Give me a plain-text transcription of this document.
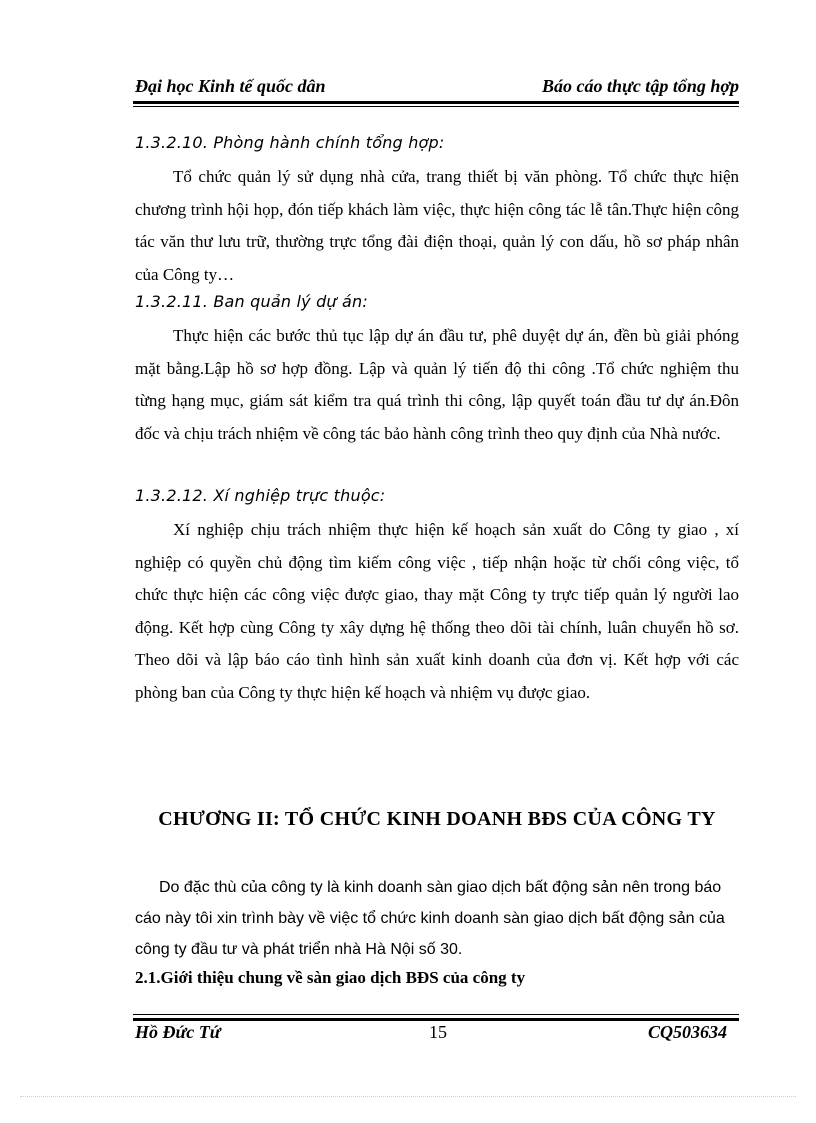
Đại học Kinh tế quốc dân	Báo cáo thực tập tổng hợp
1.3.2.10. Phòng hành chính tổng hợp:
Tổ chức quản lý sử dụng nhà cửa, trang thiết bị văn phòng. Tổ chức thực hiện chương trình hội họp, đón tiếp khách làm việc, thực hiện công tác lễ tân.Thực hiện công tác văn thư lưu trữ, thường trực tổng đài điện thoại, quản lý con dấu, hồ sơ pháp nhân của Công ty…
1.3.2.11. Ban quản lý dự án:
Thực hiện các bước thủ tục lập dự án đầu tư, phê duyệt dự án, đền bù giải phóng mặt bằng.Lập hồ sơ hợp đồng. Lập và quản lý tiến độ thi công .Tổ chức nghiệm thu từng hạng mục, giám sát kiểm tra quá trình thi công, lập quyết toán đầu tư dự án.Đôn đốc và chịu trách nhiệm về công tác bảo hành công trình theo quy định của Nhà nước.
1.3.2.12. Xí nghiệp trực thuộc:
Xí nghiệp chịu trách nhiệm thực hiện kế hoạch sản xuất do Công ty giao , xí nghiệp có quyền chủ động tìm kiếm công việc , tiếp nhận hoặc từ chối công việc, tổ chức thực hiện các công việc được giao, thay mặt Công ty trực tiếp quản lý người lao động. Kết hợp cùng Công ty xây dựng hệ thống theo dõi tài chính, luân chuyển hồ sơ. Theo dõi và lập báo cáo tình hình sản xuất kinh doanh của đơn vị. Kết hợp với các phòng ban của Công ty thực hiện kế hoạch và nhiệm vụ được giao.
CHƯƠNG II: TỔ CHỨC KINH DOANH BĐS CỦA CÔNG TY
Do đặc thù của công ty là kinh doanh sàn giao dịch bất động sản nên trong báo cáo này tôi xin trình bày về việc tổ chức kinh doanh sàn giao dịch bất động sản của công ty đầu tư và phát triển nhà Hà Nội số 30.
2.1.Giới thiệu chung về sàn giao dịch BĐS của công ty
Hồ Đức Tứ	15	CQ503634
